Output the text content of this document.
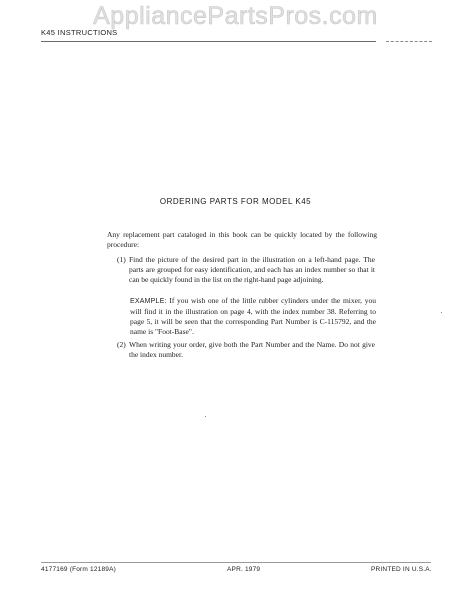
AppliancePartsPros.com
K45 INSTRUCTIONS
ORDERING PARTS FOR MODEL K45
Any replacement part cataloged in this book can be quickly located by the following procedure:
(1) Find the picture of the desired part in the illustration on a left-hand page. The parts are grouped for easy identification, and each has an index number so that it can be quickly found in the list on the right-hand page adjoining.
EXAMPLE: If you wish one of the little rubber cylinders under the mixer, you will find it in the illustration on page 4, with the index number 38. Referring to page 5, it will be seen that the corresponding Part Number is C-115792, and the name is "Foot-Base".
(2) When writing your order, give both the Part Number and the Name. Do not give the index number.
4177169 (Form 12189A)	APR. 1979	PRINTED IN U.S.A.
